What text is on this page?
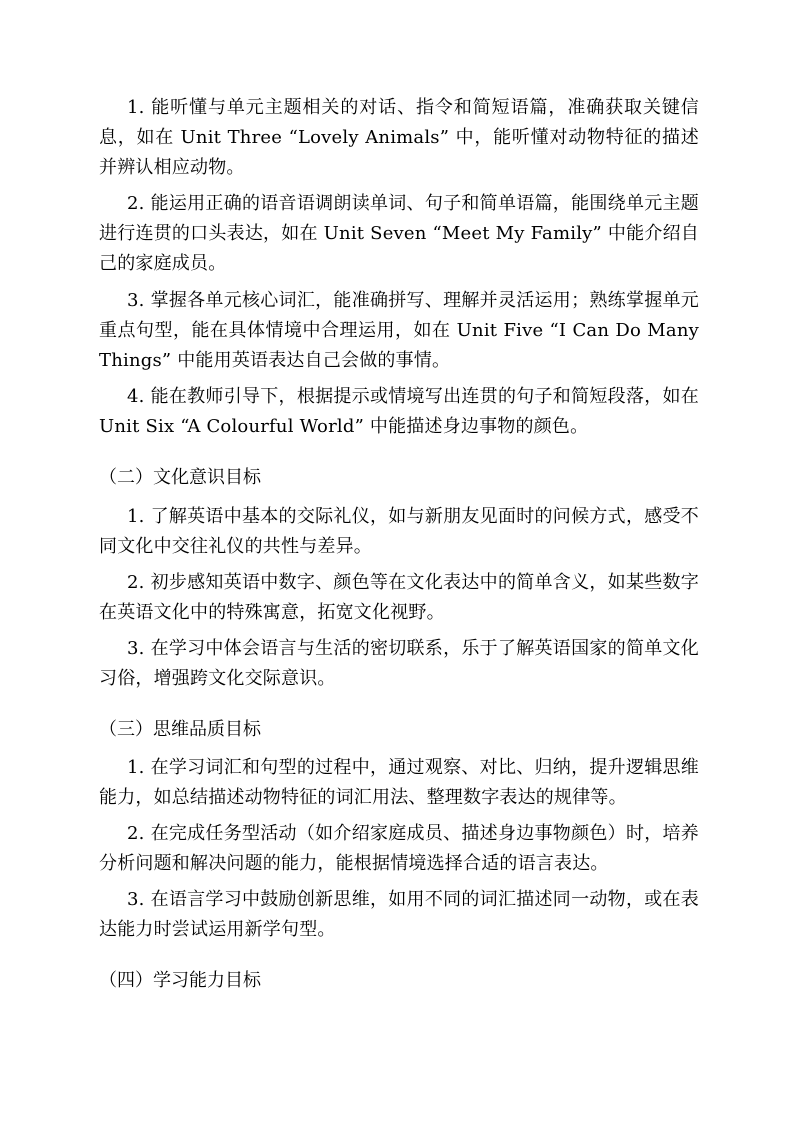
1. 能听懂与单元主题相关的对话、指令和简短语篇，准确获取关键信息，如在 Unit Three “Lovely Animals” 中，能听懂对动物特征的描述并辨认相应动物。

2. 能运用正确的语音语调朗读单词、句子和简单语篇，能围绕单元主题进行连贯的口头表达，如在 Unit Seven “Meet My Family” 中能介绍自己的家庭成员。

3. 掌握各单元核心词汇，能准确拼写、理解并灵活运用；熟练掌握单元重点句型，能在具体情境中合理运用，如在 Unit Five “I Can Do Many Things” 中能用英语表达自己会做的事情。

4. 能在教师引导下，根据提示或情境写出连贯的句子和简短段落，如在 Unit Six “A Colourful World” 中能描述身边事物的颜色。

（二）文化意识目标

1. 了解英语中基本的交际礼仪，如与新朋友见面时的问候方式，感受不同文化中交往礼仪的共性与差异。

2. 初步感知英语中数字、颜色等在文化表达中的简单含义，如某些数字在英语文化中的特殊寓意，拓宽文化视野。

3. 在学习中体会语言与生活的密切联系，乐于了解英语国家的简单文化习俗，增强跨文化交际意识。

（三）思维品质目标

1. 在学习词汇和句型的过程中，通过观察、对比、归纳，提升逻辑思维能力，如总结描述动物特征的词汇用法、整理数字表达的规律等。

2. 在完成任务型活动（如介绍家庭成员、描述身边事物颜色）时，培养分析问题和解决问题的能力，能根据情境选择合适的语言表达。

3. 在语言学习中鼓励创新思维，如用不同的词汇描述同一动物，或在表达能力时尝试运用新学句型。

（四）学习能力目标
